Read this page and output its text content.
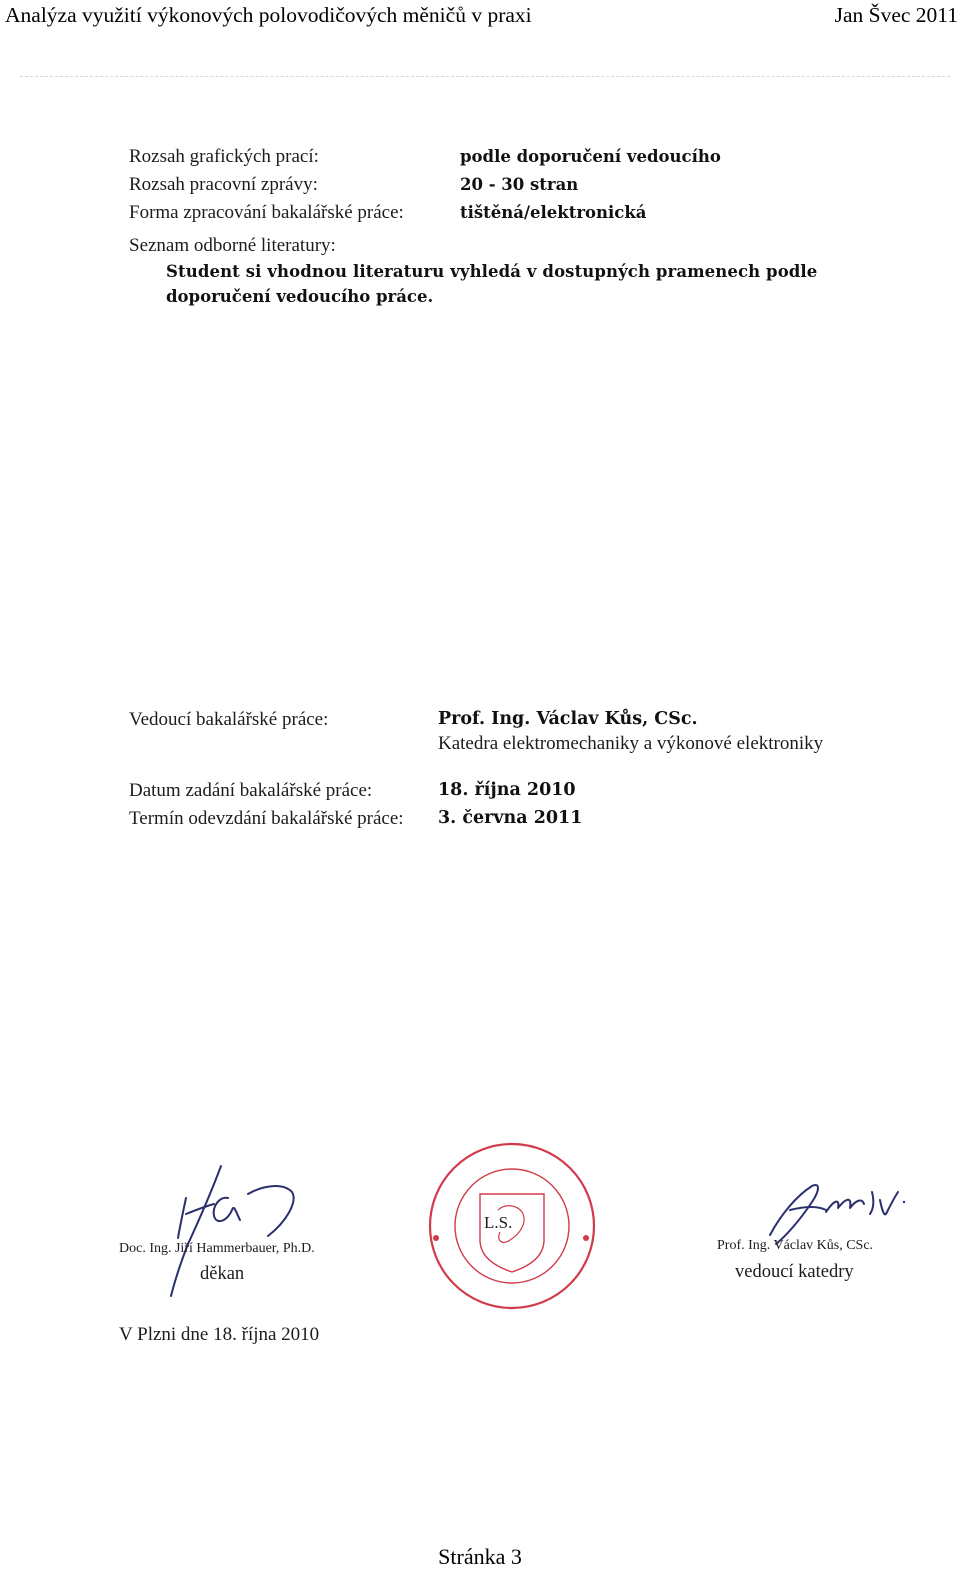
Analýza využití výkonových polovodičových měničů v praxi	Jan Švec 2011
Rozsah grafických prací:	podle doporučení vedoucího
Rozsah pracovní zprávy:	20 - 30 stran
Forma zpracování bakalářské práce:	tištěná/elektronická
Seznam odborné literatury:
Student si vhodnou literaturu vyhledá v dostupných pramenech podle
doporučení vedoucího práce.
Vedoucí bakalářské práce:	Prof. Ing. Václav Kůs, CSc.
Katedra elektromechaniky a výkonové elektroniky
Datum zadání bakalářské práce:	18. října 2010
Termín odevzdání bakalářské práce: 3. června 2011
Doc. Ing. Jiří Hammerbauer, Ph.D.
děkan
L.S.
Prof. Ing. Václav Kůs, CSc.
vedoucí katedry
V Plzni dne 18. října 2010
Stránka 3
